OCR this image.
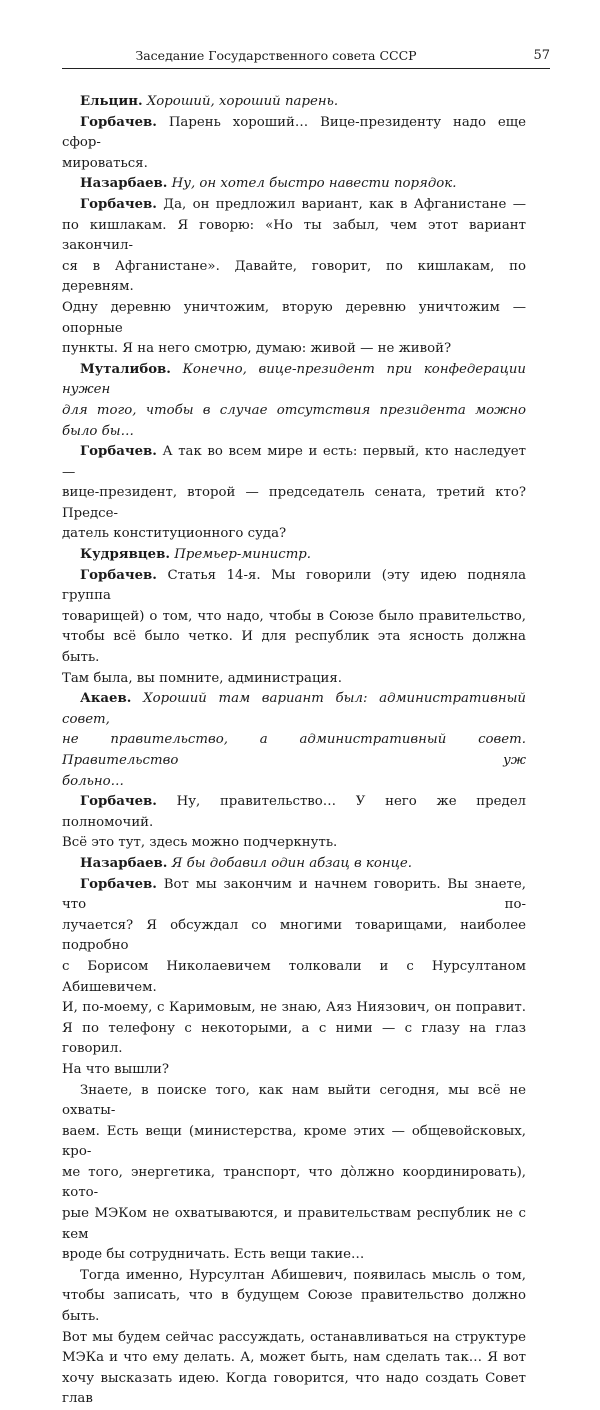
Заседание Государственного совета СССР	57

Ельцин. Хороший, хороший парень.

Горбачев. Парень хороший… Вице-президенту надо еще сфор-
мироваться.

Назарбаев. Ну, он хотел быстро навести порядок.

Горбачев. Да, он предложил вариант, как в Афганистане —
по кишлакам. Я говорю: «Но ты забыл, чем этот вариант закончил-
ся в Афганистане». Давайте, говорит, по кишлакам, по деревням.
Одну деревню уничтожим, вторую деревню уничтожим — опорные
пункты. Я на него смотрю, думаю: живой — не живой?

Муталибов. Конечно, вице-президент при конфедерации нужен
для того, чтобы в случае отсутствия президента можно было бы…

Горбачев. А так во всем мире и есть: первый, кто наследует —
вице-президент, второй — председатель сената, третий кто? Предсе-
датель конституционного суда?

Кудрявцев. Премьер-министр.

Горбачев. Статья 14-я. Мы говорили (эту идею подняла группа
товарищей) о том, что надо, чтобы в Союзе было правительство,
чтобы всё было четко. И для республик эта ясность должна быть.
Там была, вы помните, администрация.

Акаев. Хороший там вариант был: административный совет,
не правительство, а административный совет. Правительство уж
больно…

Горбачев. Ну, правительство… У него же предел полномочий.
Всё это тут, здесь можно подчеркнуть.

Назарбаев. Я бы добавил один абзац в конце.

Горбачев. Вот мы закончим и начнем говорить. Вы знаете, что по-
лучается? Я обсуждал со многими товарищами, наиболее подробно
с Борисом Николаевичем толковали и с Нурсултаном Абишевичем.
И, по-моему, с Каримовым, не знаю, Аяз Ниязович, он поправит.
Я по телефону с некоторыми, а с ними — с глазу на глаз говорил.
На что вышли?

Знаете, в поиске того, как нам выйти сегодня, мы всё не охваты-
ваем. Есть вещи (министерства, кроме этих — общевойсковых, кро-
ме того, энергетика, транспорт, что до̀лжно координировать), кото-
рые МЭКом не охватываются, и правительствам республик не с кем
вроде бы сотрудничать. Есть вещи такие…

Тогда именно, Нурсултан Абишевич, появилась мысль о том,
чтобы записать, что в будущем Союзе правительство должно быть.
Вот мы будем сейчас рассуждать, останавливаться на структуре
МЭКа и что ему делать. А, может быть, нам сделать так… Я вот
хочу высказать идею. Когда говорится, что надо создать Совет глав
